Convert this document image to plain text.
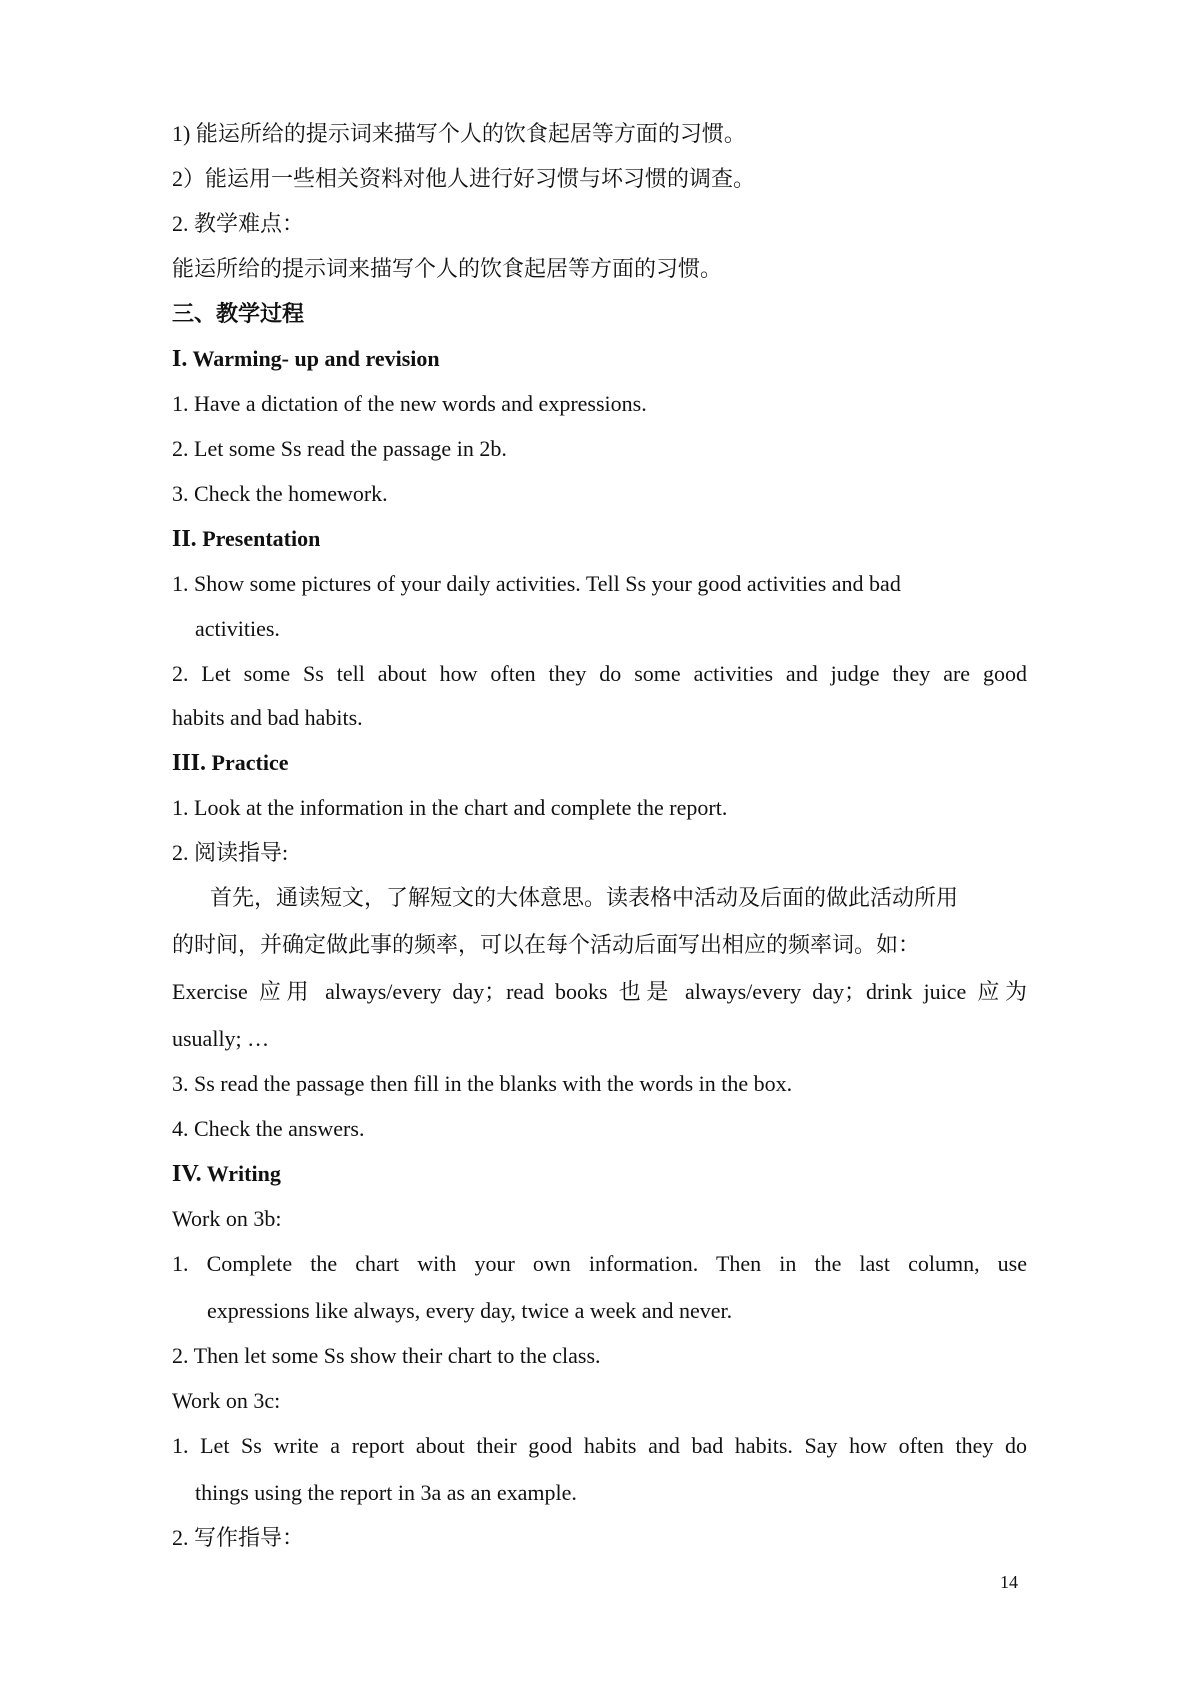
1) 能运所给的提示词来描写个人的饮食起居等方面的习惯。

2）能运用一些相关资料对他人进行好习惯与坏习惯的调查。

2. 教学难点：

能运所给的提示词来描写个人的饮食起居等方面的习惯。

三、教学过程

I. Warming- up and revision

1. Have a dictation of the new words and expressions.

2. Let some Ss read the passage in 2b.

3. Check the homework.

II. Presentation

1. Show some pictures of your daily activities. Tell Ss your good activities and bad

activities.

2. Let some Ss tell about how often they do some activities and judge they are good

habits and bad habits.

III. Practice

1. Look at the information in the chart and complete the report.

2. 阅读指导:

首先，通读短文，了解短文的大体意思。读表格中活动及后面的做此活动所用

的时间，并确定做此事的频率，可以在每个活动后面写出相应的频率词。如：

Exercise 应用 always/every day；read books 也是 always/every day；drink juice 应为

usually; …

3. Ss read the passage then fill in the blanks with the words in the box.

4. Check the answers.

IV. Writing

Work on 3b:

1. Complete the chart with your own information. Then in the last column, use

expressions like always, every day, twice a week and never.

2. Then let some Ss show their chart to the class.

Work on 3c:

1. Let Ss write a report about their good habits and bad habits. Say how often they do

things using the report in 3a as an example.

2. 写作指导：

14
